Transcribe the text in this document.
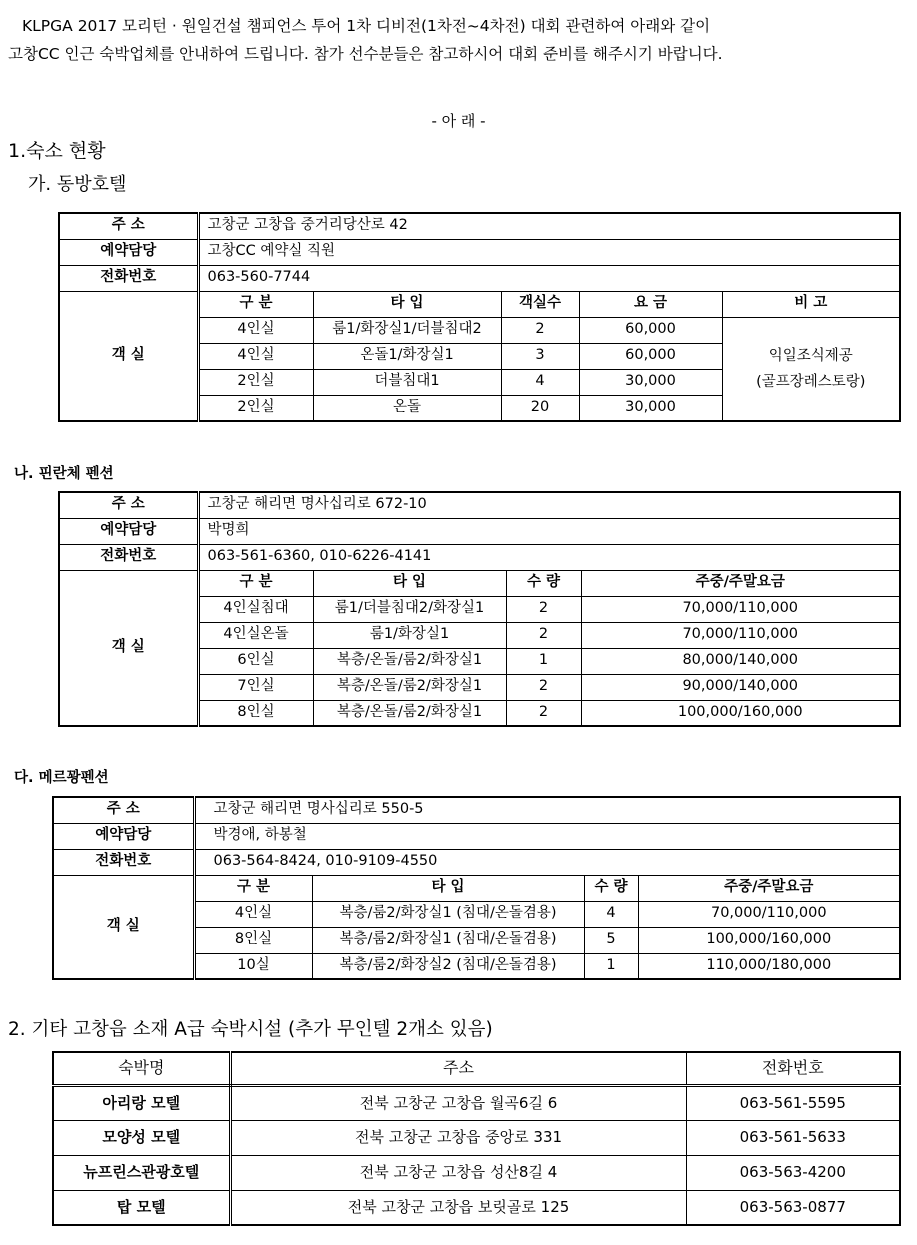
KLPGA 2017 모리턴 · 원일건설 챔피언스 투어 1차 디비전(1차전~4차전) 대회 관련하여 아래와 같이

고창CC 인근 숙박업체를 안내하여 드립니다. 참가 선수분들은 참고하시어 대회 준비를 해주시기 바랍니다.

- 아 래 -
1.숙소 현황
가. 동방호텔
주 소	고창군 고창읍 중거리당산로 42				
예약담당	고창CC 예약실 직원				
전화번호	063-560-7744				
객 실	구 분	타 입	객실수	요 금	비 고
	4인실	룸1/화장실1/더블침대2	2	60,000	익일조식제공
(골프장레스토랑)

	4인실	온돌1/화장실1	3	60,000	
	2인실	더블침대1	4	30,000	
	2인실	온돌	20	30,000	
나. 핀란체 펜션
주 소	고창군 해리면 명사십리로 672-10			
예약담당	박명희			
전화번호	063-561-6360, 010-6226-4141			
객 실	구 분	타 입	수 량	주중/주말요금
	4인실침대	룸1/더블침대2/화장실1	2	70,000/110,000
	4인실온돌	룸1/화장실1	2	70,000/110,000
	6인실	복층/온돌/룸2/화장실1	1	80,000/140,000
	7인실	복층/온돌/룸2/화장실1	2	90,000/140,000
	8인실	복층/온돌/룸2/화장실1	2	100,000/160,000
다. 메르꽝펜션
주 소	고창군 해리면 명사십리로 550-5			
예약담당	박경애, 하봉철			
전화번호	063-564-8424, 010-9109-4550			
객 실	구 분	타 입	수 량	주중/주말요금
	4인실	복층/룸2/화장실1 (침대/온돌겸용)	4	70,000/110,000
	8인실	복층/룸2/화장실1 (침대/온돌겸용)	5	100,000/160,000
	10실	복층/룸2/화장실2 (침대/온돌겸용)	1	110,000/180,000
2. 기타 고창읍 소재 A급 숙박시설 (추가 무인텔 2개소 있음)
숙박명	주소	전화번호
아리랑 모텔	전북 고창군 고창읍 월곡6길 6	063-561-5595
모양성 모텔	전북 고창군 고창읍 중앙로 331	063-561-5633
뉴프린스관광호텔	전북 고창군 고창읍 성산8길 4	063-563-4200
탑 모텔	전북 고창군 고창읍 보릿골로 125	063-563-0877
